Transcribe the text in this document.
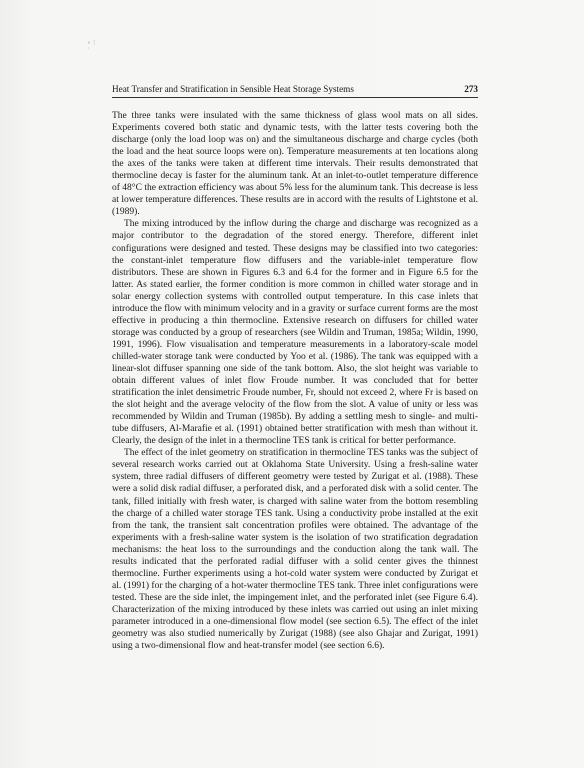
∘ ⁝ ·
Heat Transfer and Stratification in Sensible Heat Storage Systems	273

The three tanks were insulated with the same thickness of glass wool mats on all sides. Experiments covered both static and dynamic tests, with the latter tests covering both the discharge (only the load loop was on) and the simultaneous discharge and charge cycles (both the load and the heat source loops were on). Temperature measurements at ten locations along the axes of the tanks were taken at different time intervals. Their results demonstrated that thermocline decay is faster for the aluminum tank. At an inlet-to-outlet temperature difference of 48°C the extraction efficiency was about 5% less for the aluminum tank. This decrease is less at lower temperature differences. These results are in accord with the results of Lightstone et al. (1989).

The mixing introduced by the inflow during the charge and discharge was recognized as a major contributor to the degradation of the stored energy. Therefore, different inlet configurations were designed and tested. These designs may be classified into two categories: the constant-inlet temperature flow diffusers and the variable-inlet temperature flow distributors. These are shown in Figures 6.3 and 6.4 for the former and in Figure 6.5 for the latter. As stated earlier, the former condition is more common in chilled water storage and in solar energy collection systems with controlled output temperature. In this case inlets that introduce the flow with minimum velocity and in a gravity or surface current forms are the most effective in producing a thin thermocline. Extensive research on diffusers for chilled water storage was conducted by a group of researchers (see Wildin and Truman, 1985a; Wildin, 1990, 1991, 1996). Flow visualisation and temperature measurements in a laboratory-scale model chilled-water storage tank were conducted by Yoo et al. (1986). The tank was equipped with a linear-slot diffuser spanning one side of the tank bottom. Also, the slot height was variable to obtain different values of inlet flow Froude number. It was concluded that for better stratification the inlet densimetric Froude number, Fr, should not exceed 2, where Fr is based on the slot height and the average velocity of the flow from the slot. A value of unity or less was recommended by Wildin and Truman (1985b). By adding a settling mesh to single- and multi-tube diffusers, Al-Marafie et al. (1991) obtained better stratification with mesh than without it. Clearly, the design of the inlet in a thermocline TES tank is critical for better performance.

The effect of the inlet geometry on stratification in thermocline TES tanks was the subject of several research works carried out at Oklahoma State University. Using a fresh-saline water system, three radial diffusers of different geometry were tested by Zurigat et al. (1988). These were a solid disk radial diffuser, a perforated disk, and a perforated disk with a solid center. The tank, filled initially with fresh water, is charged with saline water from the bottom resembling the charge of a chilled water storage TES tank. Using a conductivity probe installed at the exit from the tank, the transient salt concentration profiles were obtained. The advantage of the experiments with a fresh-saline water system is the isolation of two stratification degradation mechanisms: the heat loss to the surroundings and the conduction along the tank wall. The results indicated that the perforated radial diffuser with a solid center gives the thinnest thermocline. Further experiments using a hot-cold water system were conducted by Zurigat et al. (1991) for the charging of a hot-water thermocline TES tank. Three inlet configurations were tested. These are the side inlet, the impingement inlet, and the perforated inlet (see Figure 6.4). Characterization of the mixing introduced by these inlets was carried out using an inlet mixing parameter introduced in a one-dimensional flow model (see section 6.5). The effect of the inlet geometry was also studied numerically by Zurigat (1988) (see also Ghajar and Zurigat, 1991) using a two-dimensional flow and heat-transfer model (see section 6.6).
